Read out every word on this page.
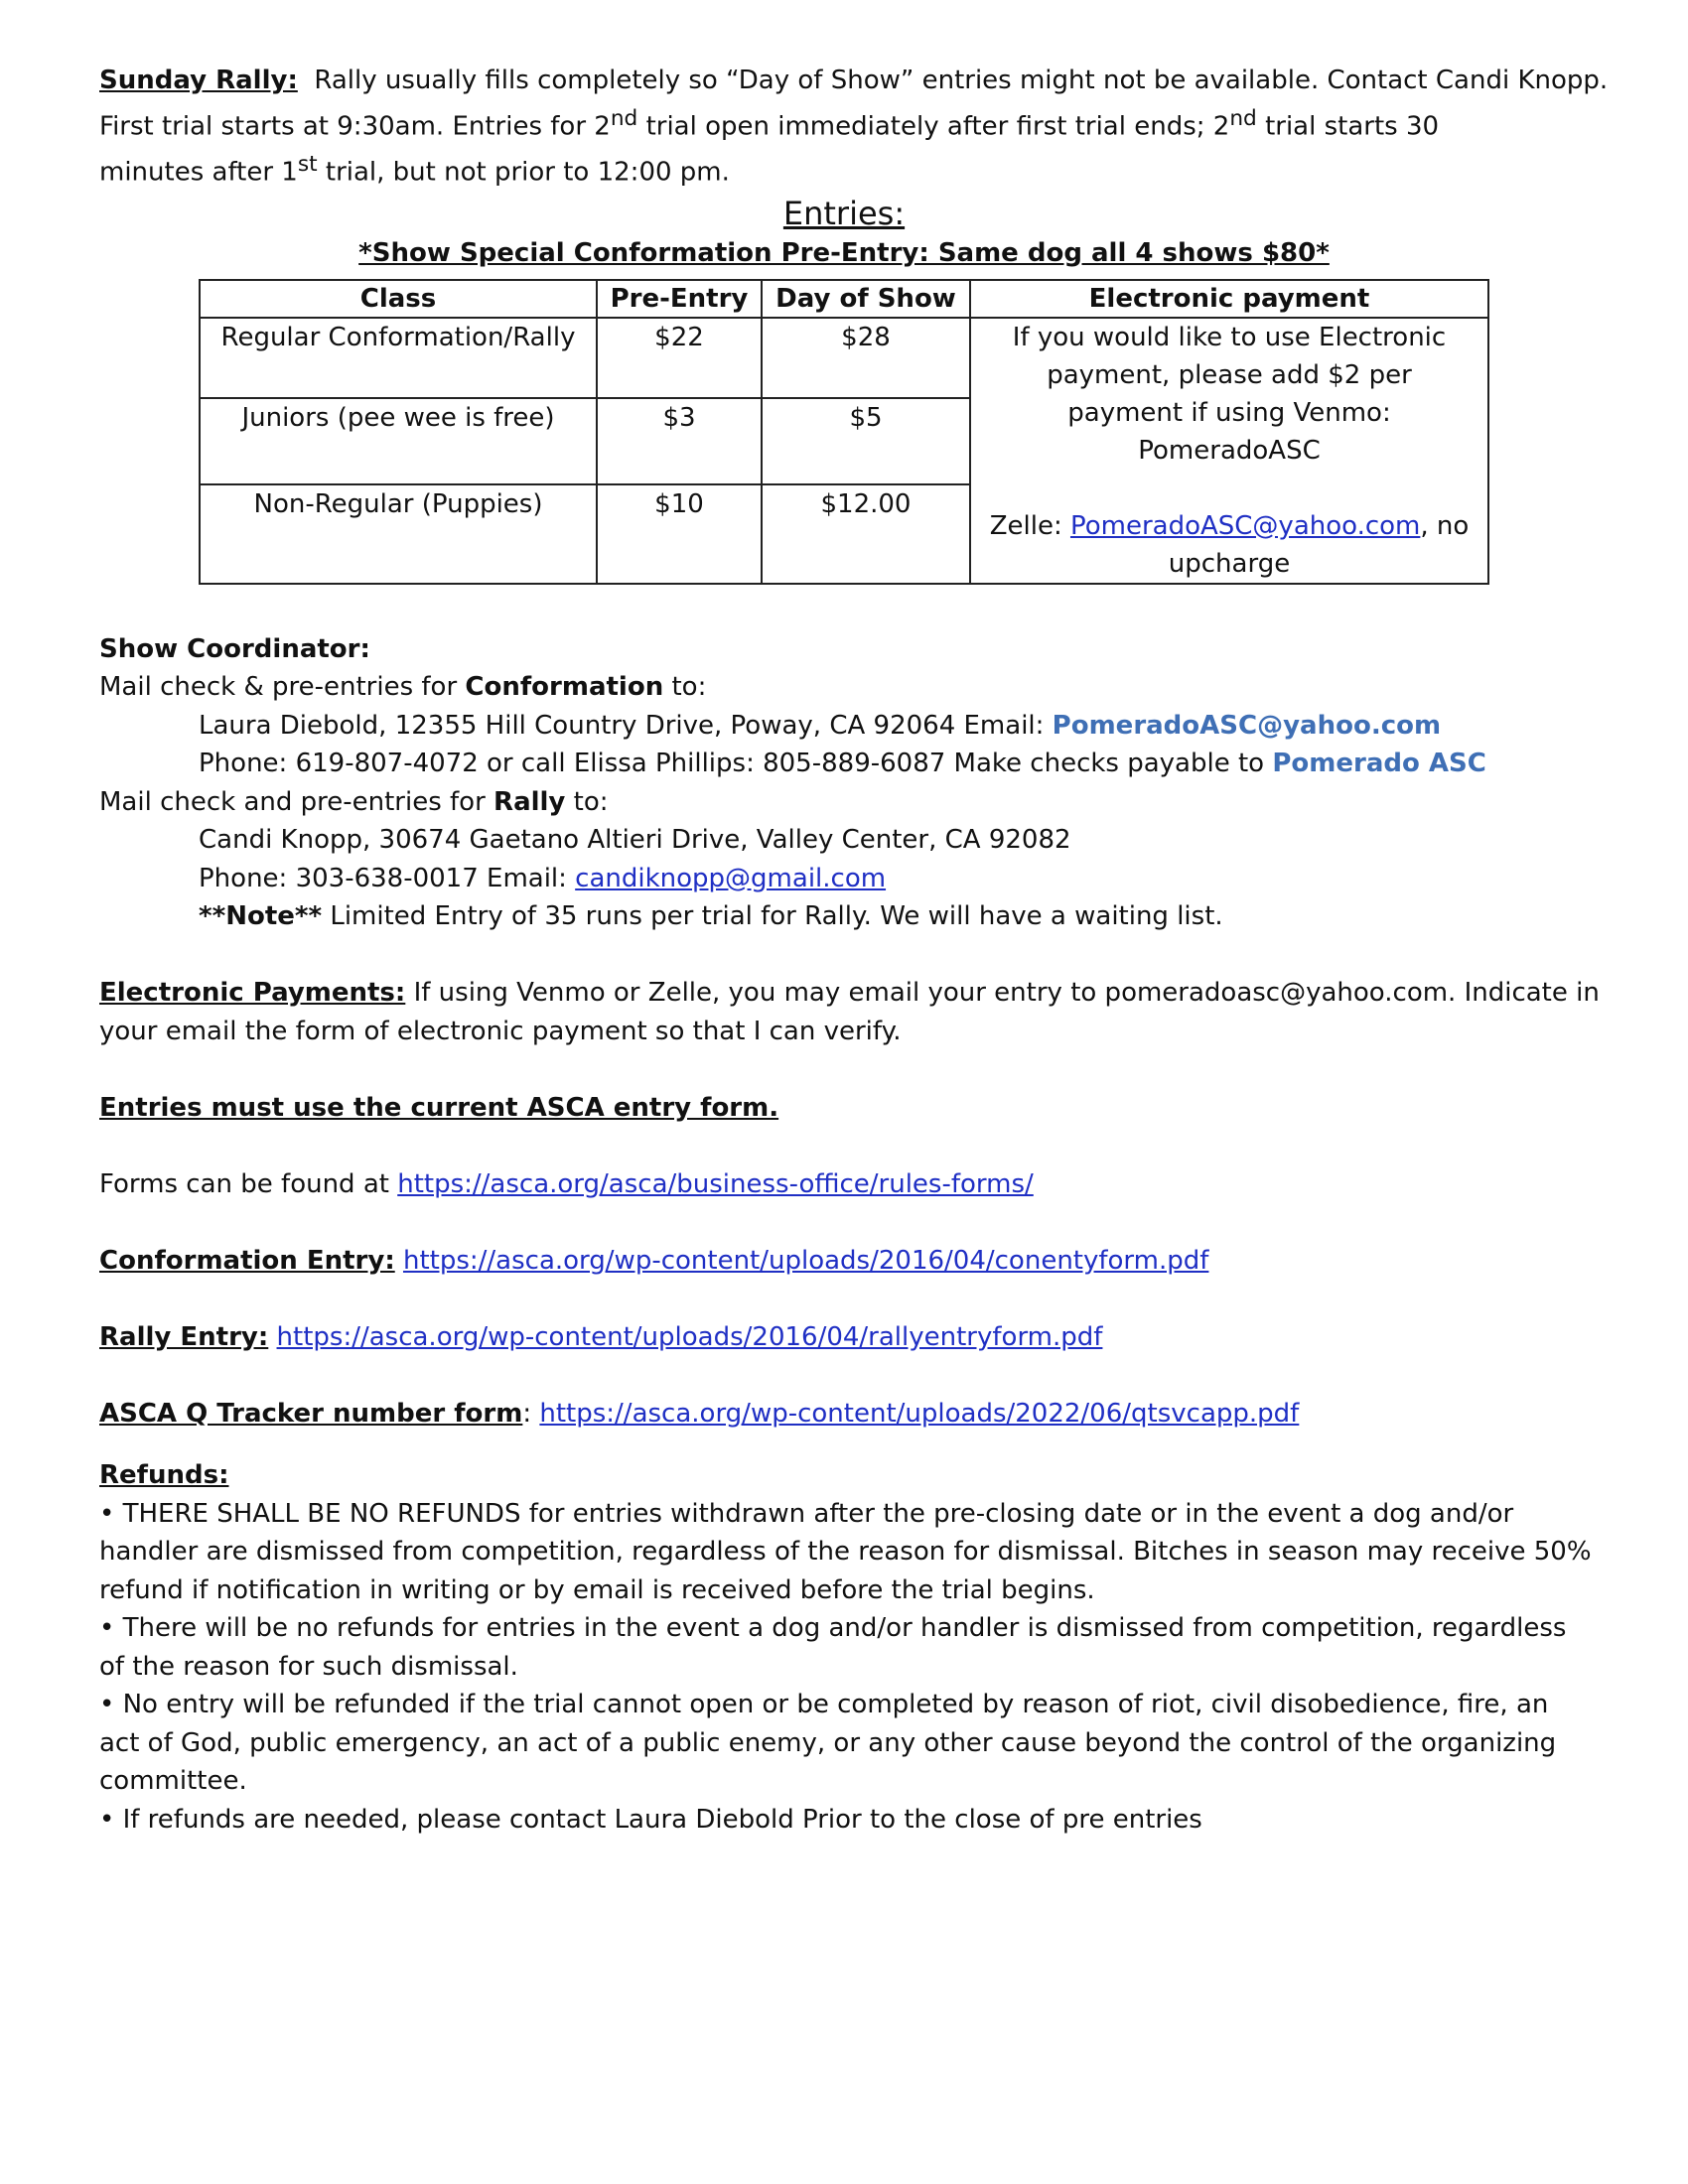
Sunday Rally: Rally usually fills completely so “Day of Show” entries might not be available. Contact Candi Knopp.
First trial starts at 9:30am. Entries for 2nd trial open immediately after first trial ends; 2nd trial starts 30
minutes after 1st trial, but not prior to 12:00 pm.
Entries:
*Show Special Conformation Pre-Entry: Same dog all 4 shows $80*
Class	Pre-Entry	Day of Show	Electronic payment
Regular Conformation/Rally	$22	$28	If you would like to use Electronic payment, please add $2 per payment if using Venmo: PomeradoASC
Zelle: PomeradoASC@yahoo.com, no upcharge

Juniors (pee wee is free)	$3	$5	
Non-Regular (Puppies)	$10	$12.00	
Show Coordinator:
Mail check & pre-entries for Conformation to:
Laura Diebold, 12355 Hill Country Drive, Poway, CA 92064 Email: PomeradoASC@yahoo.com
Phone: 619-807-4072 or call Elissa Phillips: 805-889-6087 Make checks payable to Pomerado ASC
Mail check and pre-entries for Rally to:
Candi Knopp, 30674 Gaetano Altieri Drive, Valley Center, CA 92082
Phone: 303-638-0017 Email: candiknopp@gmail.com
**Note** Limited Entry of 35 runs per trial for Rally. We will have a waiting list.
Electronic Payments: If using Venmo or Zelle, you may email your entry to pomeradoasc@yahoo.com. Indicate in
your email the form of electronic payment so that I can verify.
Entries must use the current ASCA entry form.
Forms can be found at https://asca.org/asca/business-office/rules-forms/
Conformation Entry: https://asca.org/wp-content/uploads/2016/04/conentyform.pdf
Rally Entry: https://asca.org/wp-content/uploads/2016/04/rallyentryform.pdf
ASCA Q Tracker number form: https://asca.org/wp-content/uploads/2022/06/qtsvcapp.pdf
Refunds:
• THERE SHALL BE NO REFUNDS for entries withdrawn after the pre-closing date or in the event a dog and/or
handler are dismissed from competition, regardless of the reason for dismissal. Bitches in season may receive 50%
refund if notification in writing or by email is received before the trial begins.
• There will be no refunds for entries in the event a dog and/or handler is dismissed from competition, regardless
of the reason for such dismissal.
• No entry will be refunded if the trial cannot open or be completed by reason of riot, civil disobedience, fire, an
act of God, public emergency, an act of a public enemy, or any other cause beyond the control of the organizing
committee.
• If refunds are needed, please contact Laura Diebold Prior to the close of pre entries
